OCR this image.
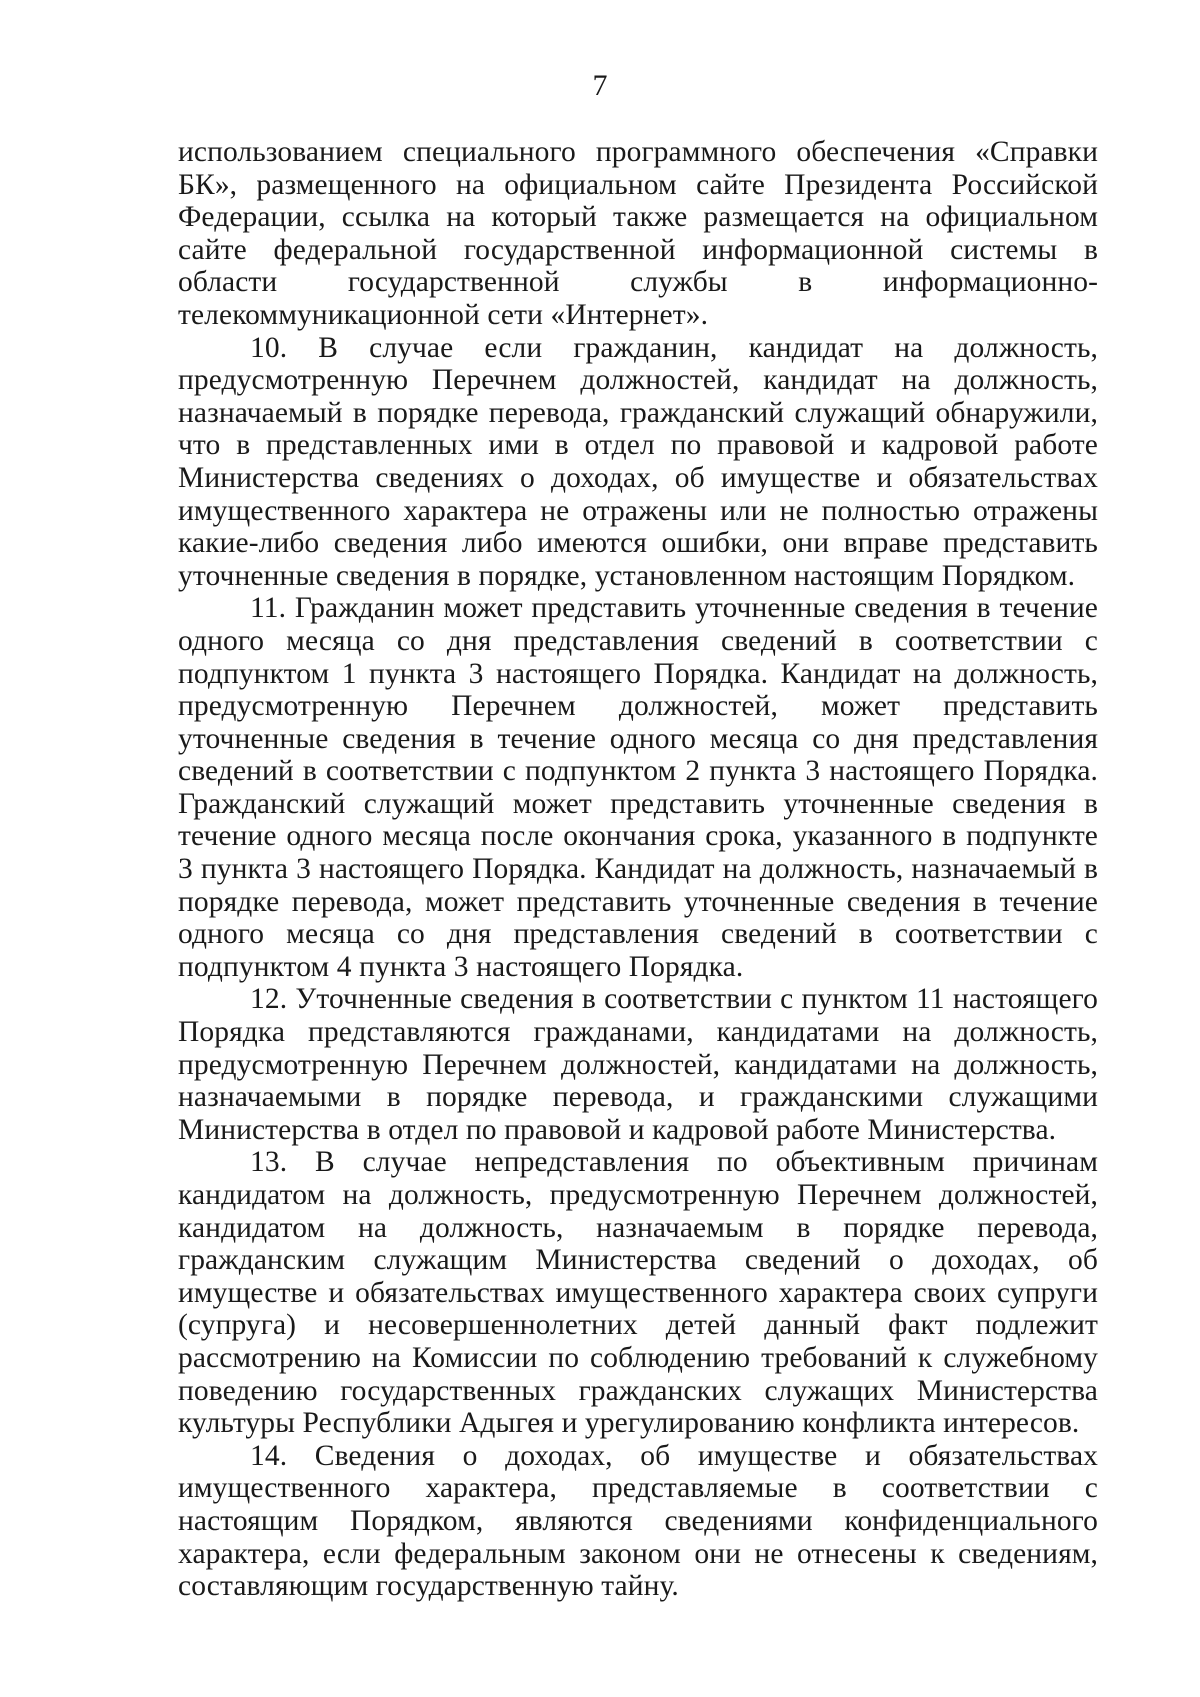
7

использованием специального программного обеспечения «Справки БК», размещенного на официальном сайте Президента Российской Федерации, ссылка на который также размещается на официальном сайте федеральной государственной информационной системы в области государственной службы в информационно-телекоммуникационной сети «Интернет».

10. В случае если гражданин, кандидат на должность, предусмотренную Перечнем должностей, кандидат на должность, назначаемый в порядке перевода, гражданский служащий обнаружили, что в представленных ими в отдел по правовой и кадровой работе Министерства сведениях о доходах, об имуществе и обязательствах имущественного характера не отражены или не полностью отражены какие-либо сведения либо имеются ошибки, они вправе представить уточненные сведения в порядке, установленном настоящим Порядком.

11. Гражданин может представить уточненные сведения в течение одного месяца со дня представления сведений в соответствии с подпунктом 1 пункта 3 настоящего Порядка. Кандидат на должность, предусмотренную Перечнем должностей, может представить уточненные сведения в течение одного месяца со дня представления сведений в соответствии с подпунктом 2 пункта 3 настоящего Порядка. Гражданский служащий может представить уточненные сведения в течение одного месяца после окончания срока, указанного в подпункте 3 пункта 3 настоящего Порядка. Кандидат на должность, назначаемый в порядке перевода, может представить уточненные сведения в течение одного месяца со дня представления сведений в соответствии с подпунктом 4 пункта 3 настоящего Порядка.

12. Уточненные сведения в соответствии с пунктом 11 настоящего Порядка представляются гражданами, кандидатами на должность, предусмотренную Перечнем должностей, кандидатами на должность, назначаемыми в порядке перевода, и гражданскими служащими Министерства в отдел по правовой и кадровой работе Министерства.

13. В случае непредставления по объективным причинам кандидатом на должность, предусмотренную Перечнем должностей, кандидатом на должность, назначаемым в порядке перевода, гражданским служащим Министерства сведений о доходах, об имуществе и обязательствах имущественного характера своих супруги (супруга) и несовершеннолетних детей данный факт подлежит рассмотрению на Комиссии по соблюдению требований к служебному поведению государственных гражданских служащих Министерства культуры Республики Адыгея и урегулированию конфликта интересов.

14. Сведения о доходах, об имуществе и обязательствах имущественного характера, представляемые в соответствии с настоящим Порядком, являются сведениями конфиденциального характера, если федеральным законом они не отнесены к сведениям, составляющим государственную тайну.
